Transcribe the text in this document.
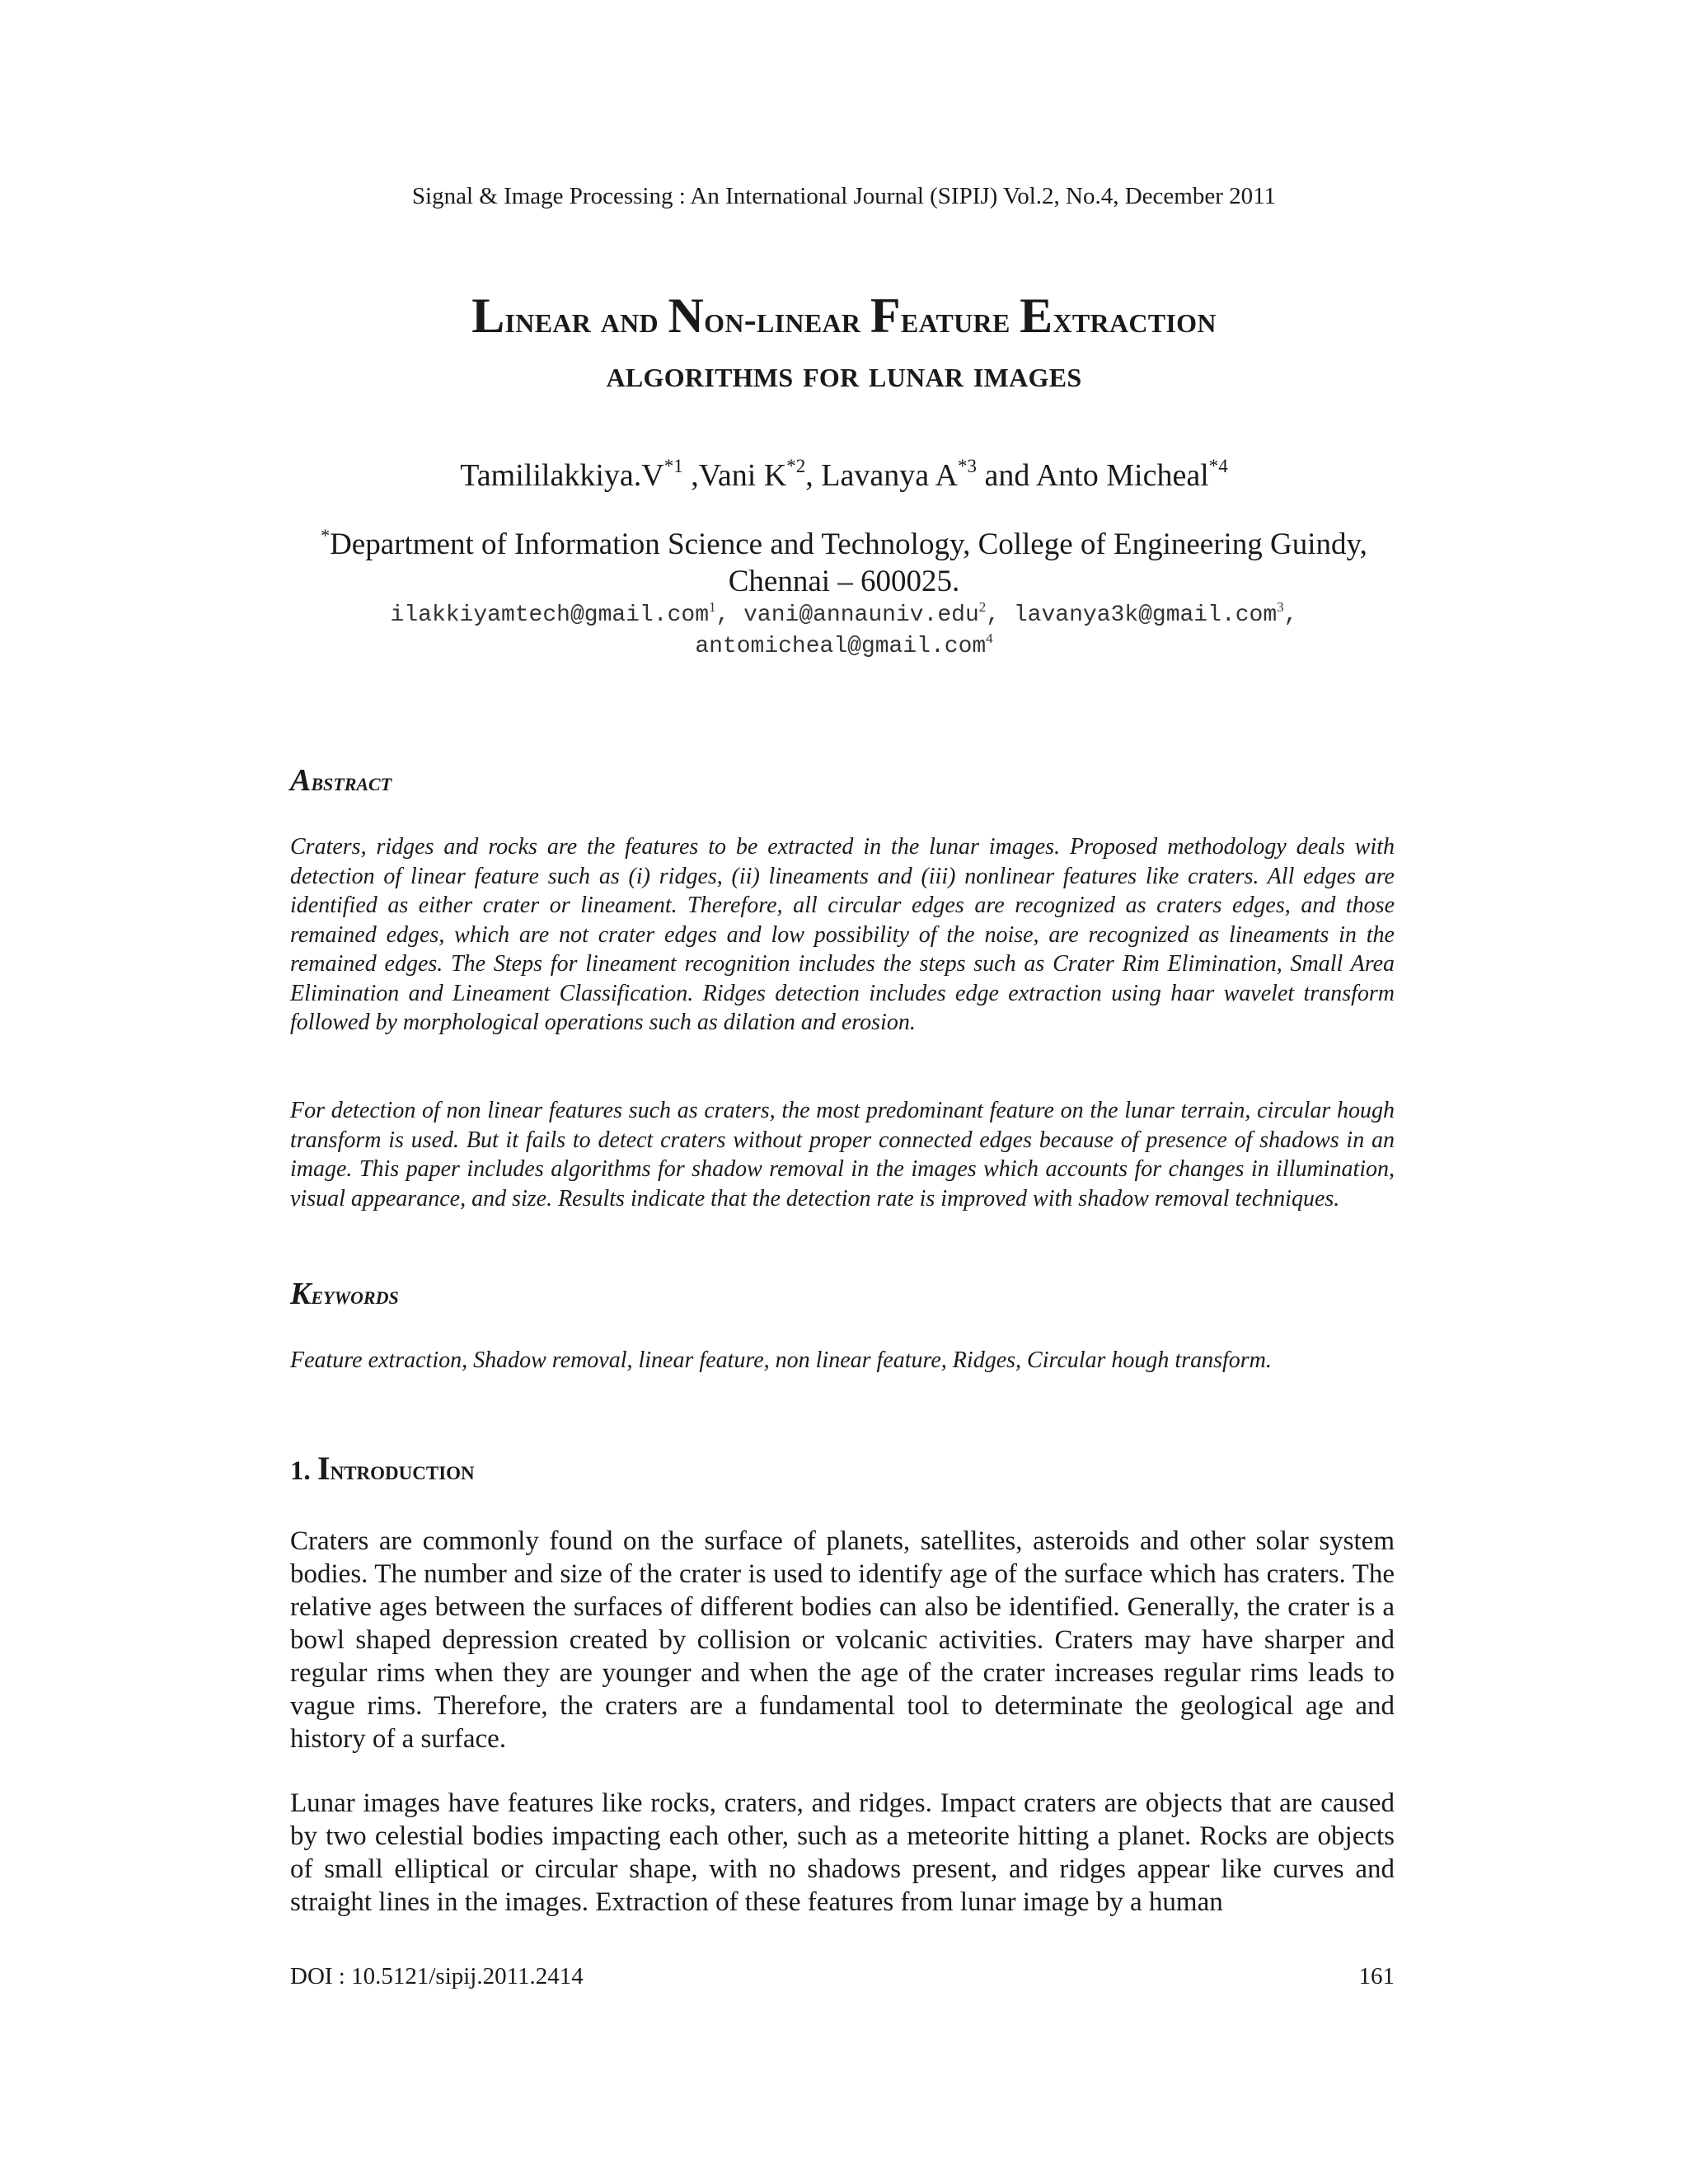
Signal & Image Processing : An International Journal (SIPIJ) Vol.2, No.4, December 2011
Linear and Non-linear Feature Extraction
algorithms for lunar images
$Tamililakkiya.V^{*1}$ ,Vani $K^{*2}$, Lavanya $A^{*3}$ and Anto Micheal$^{*4}$
*Department of Information Science and Technology, College of Engineering Guindy,
Chennai – 600025.
ilakkiyamtech@gmail.com$^1$, vani@annauniv.edu$^2$, lavanya3k@gmail.com$^3$,
antomicheal@gmail.com$^4$
Abstract

Craters, ridges and rocks are the features to be extracted in the lunar images. Proposed methodology deals with detection of linear feature such as (i) ridges, (ii) lineaments and (iii) nonlinear features like craters. All edges are identified as either crater or lineament. Therefore, all circular edges are recognized as craters edges, and those remained edges, which are not crater edges and low possibility of the noise, are recognized as lineaments in the remained edges. The Steps for lineament recognition includes the steps such as Crater Rim Elimination, Small Area Elimination and Lineament Classification. Ridges detection includes edge extraction using haar wavelet transform followed by morphological operations such as dilation and erosion.

For detection of non linear features such as craters, the most predominant feature on the lunar terrain, circular hough transform is used. But it fails to detect craters without proper connected edges because of presence of shadows in an image. This paper includes algorithms for shadow removal in the images which accounts for changes in illumination, visual appearance, and size. Results indicate that the detection rate is improved with shadow removal techniques.

Keywords

Feature extraction, Shadow removal, linear feature, non linear feature, Ridges, Circular hough transform.

1. Introduction

Craters are commonly found on the surface of planets, satellites, asteroids and other solar system bodies. The number and size of the crater is used to identify age of the surface which has craters. The relative ages between the surfaces of different bodies can also be identified. Generally, the crater is a bowl shaped depression created by collision or volcanic activities. Craters may have sharper and regular rims when they are younger and when the age of the crater increases regular rims leads to vague rims. Therefore, the craters are a fundamental tool to determinate the geological age and history of a surface.

Lunar images have features like rocks, craters, and ridges. Impact craters are objects that are caused by two celestial bodies impacting each other, such as a meteorite hitting a planet. Rocks are objects of small elliptical or circular shape, with no shadows present, and ridges appear like curves and straight lines in the images. Extraction of these features from lunar image by a human

DOI : 10.5121/sipij.2011.2414	161
